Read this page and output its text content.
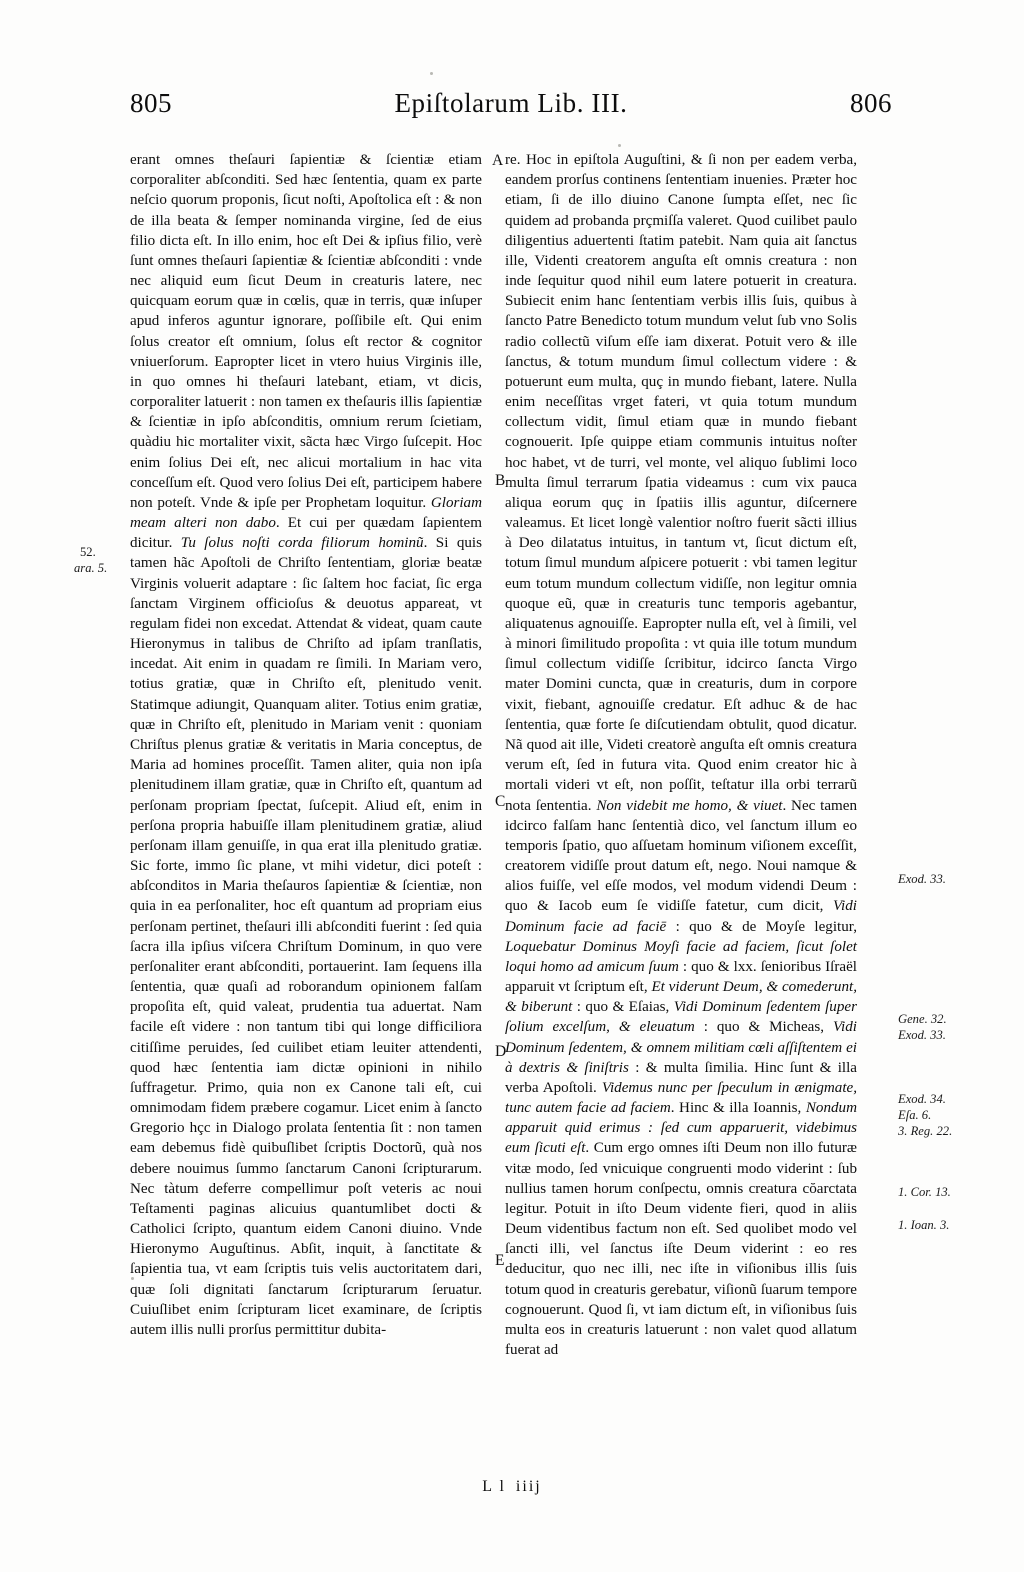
805	Epiſtolarum Lib. III.	806
52.
ara. 5.
Exod. 33.
Gene. 32.
Exod. 33.
Exod. 34.
Eſa. 6.
3. Reg. 22.
1. Cor. 13.
1. Ioan. 3.
A
B
C
D
E

erant omnes theſauri ſapientiæ & ſcientiæ etiam corporaliter abſconditi. Sed hæc ſententia, quam ex parte neſcio quorum proponis, ſicut noſti, Apoſtolica eſt : & non de illa beata & ſemper nominanda virgine, ſed de eius filio dicta eſt. In illo enim, hoc eſt Dei & ipſius filio, verè ſunt omnes theſauri ſapientiæ & ſcientiæ abſconditi : vnde nec aliquid eum ſicut Deum in creaturis latere, nec quicquam eorum quæ in cœlis, quæ in terris, quæ inſuper apud inferos aguntur ignorare, poſſibile eſt. Qui enim ſolus creator eſt omnium, ſolus eſt rector & cognitor vniuerſorum. Eapropter licet in vtero huius Virginis ille, in quo omnes hi theſauri latebant, etiam, vt dicis, corporaliter latuerit : non tamen ex theſauris illis ſapientiæ & ſcientiæ in ipſo abſconditis, omnium rerum ſcietiam, quàdiu hic mortaliter vixit, sãcta hæc Virgo ſuſcepit. Hoc enim ſolius Dei eſt, nec alicui mortalium in hac vita conceſſum eſt. Quod vero ſolius Dei eſt, participem habere non poteſt. Vnde & ipſe per Prophetam loquitur. Gloriam meam alteri non dabo. Et cui per quædam ſapientem dicitur. Tu ſolus noſti corda filiorum hominũ. Si quis tamen hãc Apoſtoli de Chriſto ſententiam, gloriæ beatæ Virginis voluerit adaptare : ſic ſaltem hoc faciat, ſic erga ſanctam Virginem officioſus & deuotus appareat, vt regulam fidei non excedat. Attendat & videat, quam caute Hieronymus in talibus de Chriſto ad ipſam tranſlatis, incedat. Ait enim in quadam re ſimili. In Mariam vero, totius gratiæ, quæ in Chriſto eſt, plenitudo venit. Statimque adiungit, Quanquam aliter. Totius enim gratiæ, quæ in Chriſto eſt, plenitudo in Mariam venit : quoniam Chriſtus plenus gratiæ & veritatis in Maria conceptus, de Maria ad homines proceſſit. Tamen aliter, quia non ipſa plenitudinem illam gratiæ, quæ in Chriſto eſt, quantum ad perſonam propriam ſpectat, ſuſcepit. Aliud eſt, enim in perſona propria habuiſſe illam plenitudinem gratiæ, aliud perſonam illam genuiſſe, in qua erat illa plenitudo gratiæ. Sic forte, immo ſic plane, vt mihi videtur, dici poteſt : abſconditos in Maria theſauros ſapientiæ & ſcientiæ, non quia in ea perſonaliter, hoc eſt quantum ad propriam eius perſonam pertinet, theſauri illi abſconditi fuerint : ſed quia ſacra illa ipſius viſcera Chriſtum Dominum, in quo vere perſonaliter erant abſconditi, portauerint. Iam ſequens illa ſententia, quæ quaſi ad roborandum opinionem falſam propoſita eſt, quid valeat, prudentia tua aduertat. Nam facile eſt videre : non tantum tibi qui longe difficiliora citiſſime peruides, ſed cuilibet etiam leuiter attendenti, quod hæc ſententia iam dictæ opinioni in nihilo ſuffragetur. Primo, quia non ex Canone tali eſt, cui omnimodam fidem præbere cogamur. Licet enim à ſancto Gregorio hçc in Dialogo prolata ſententia ſit : non tamen eam debemus fidè quibuſlibet ſcriptis Doctorũ, quà nos debere nouimus ſummo ſanctarum Canoni ſcripturarum. Nec tàtum deferre compellimur poſt veteris ac noui Teſtamenti paginas alicuius quantumlibet docti & Catholici ſcripto, quantum eidem Canoni diuino. Vnde Hieronymo Auguſtinus. Abſit, inquit, à ſanctitate & ſapientia tua, vt eam ſcriptis tuis velis auctoritatem dari, quæ ſoli dignitati ſanctarum ſcripturarum ſeruatur. Cuiuſlibet enim ſcripturam licet examinare, de ſcriptis autem illis nulli prorſus permittitur dubita-

re. Hoc in epiſtola Auguſtini, & ſi non per eadem verba, eandem prorſus continens ſententiam inuenies. Præter hoc etiam, ſi de illo diuino Canone ſumpta eſſet, nec ſic quidem ad probanda prçmiſſa valeret. Quod cuilibet paulo diligentius aduertenti ſtatim patebit. Nam quia ait ſanctus ille, Videnti creatorem anguſta eſt omnis creatura : non inde ſequitur quod nihil eum latere potuerit in creatura. Subiecit enim hanc ſententiam verbis illis ſuis, quibus à ſancto Patre Benedicto totum mundum velut ſub vno Solis radio collectũ viſum eſſe iam dixerat. Potuit vero & ille ſanctus, & totum mundum ſimul collectum videre : & potuerunt eum multa, quç in mundo fiebant, latere. Nulla enim neceſſitas vrget fateri, vt quia totum mundum collectum vidit, ſimul etiam quæ in mundo fiebant cognouerit. Ipſe quippe etiam communis intuitus noſter hoc habet, vt de turri, vel monte, vel aliquo ſublimi loco multa ſimul terrarum ſpatia videamus : cum vix pauca aliqua eorum quç in ſpatiis illis aguntur, diſcernere valeamus. Et licet longè valentior noſtro fuerit sãcti illius à Deo dilatatus intuitus, in tantum vt, ſicut dictum eſt, totum ſimul mundum aſpicere potuerit : vbi tamen legitur eum totum mundum collectum vidiſſe, non legitur omnia quoque eũ, quæ in creaturis tunc temporis agebantur, aliquatenus agnouiſſe. Eapropter nulla eſt, vel à ſimili, vel à minori ſimilitudo propoſita : vt quia ille totum mundum ſimul collectum vidiſſe ſcribitur, idcirco ſancta Virgo mater Domini cuncta, quæ in creaturis, dum in corpore vixit, fiebant, agnouiſſe credatur. Eſt adhuc & de hac ſententia, quæ forte ſe diſcutiendam obtulit, quod dicatur. Nã quod ait ille, Videti creatorè anguſta eſt omnis creatura verum eſt, ſed in futura vita. Quod enim creator hic à mortali videri vt eſt, non poſſit, teſtatur illa orbi terrarũ nota ſententia. Non videbit me homo, & viuet. Nec tamen idcirco falſam hanc ſententià dico, vel ſanctum illum eo temporis ſpatio, quo aſſuetam hominum viſionem exceſſit, creatorem vidiſſe prout datum eſt, nego. Noui namque & alios fuiſſe, vel eſſe modos, vel modum videndi Deum : quo & Iacob eum ſe vidiſſe fatetur, cum dicit, Vidi Dominum facie ad faciē : quo & de Moyſe legitur, Loquebatur Dominus Moyſi facie ad faciem, ſicut ſolet loqui homo ad amicum ſuum : quo & lxx. ſenioribus Iſraël apparuit vt ſcriptum eſt, Et viderunt Deum, & comederunt, & biberunt : quo & Eſaias, Vidi Dominum ſedentem ſuper ſolium excelſum, & eleuatum : quo & Micheas, Vidi Dominum ſedentem, & omnem militiam cœli aſſiſtentem ei à dextris & ſiniſtris : & multa ſimilia. Hinc ſunt & illa verba Apoſtoli. Videmus nunc per ſpeculum in ænigmate, tunc autem facie ad faciem. Hinc & illa Ioannis, Nondum apparuit quid erimus : ſed cum apparuerit, videbimus eum ſicuti eſt. Cum ergo omnes iſti Deum non illo futuræ vitæ modo, ſed vnicuique congruenti modo viderint : ſub nullius tamen horum conſpectu, omnis creatura cŏarctata legitur. Potuit in iſto Deum vidente fieri, quod in aliis Deum videntibus factum non eſt. Sed quolibet modo vel ſancti illi, vel ſanctus iſte Deum viderint : eo res deducitur, quo nec illi, nec iſte in viſionibus illis ſuis totum quod in creaturis gerebatur, viſionũ ſuarum tempore cognouerunt. Quod ſi, vt iam dictum eſt, in viſionibus ſuis multa eos in creaturis latuerunt : non valet quod allatum fuerat ad

L l iiij
